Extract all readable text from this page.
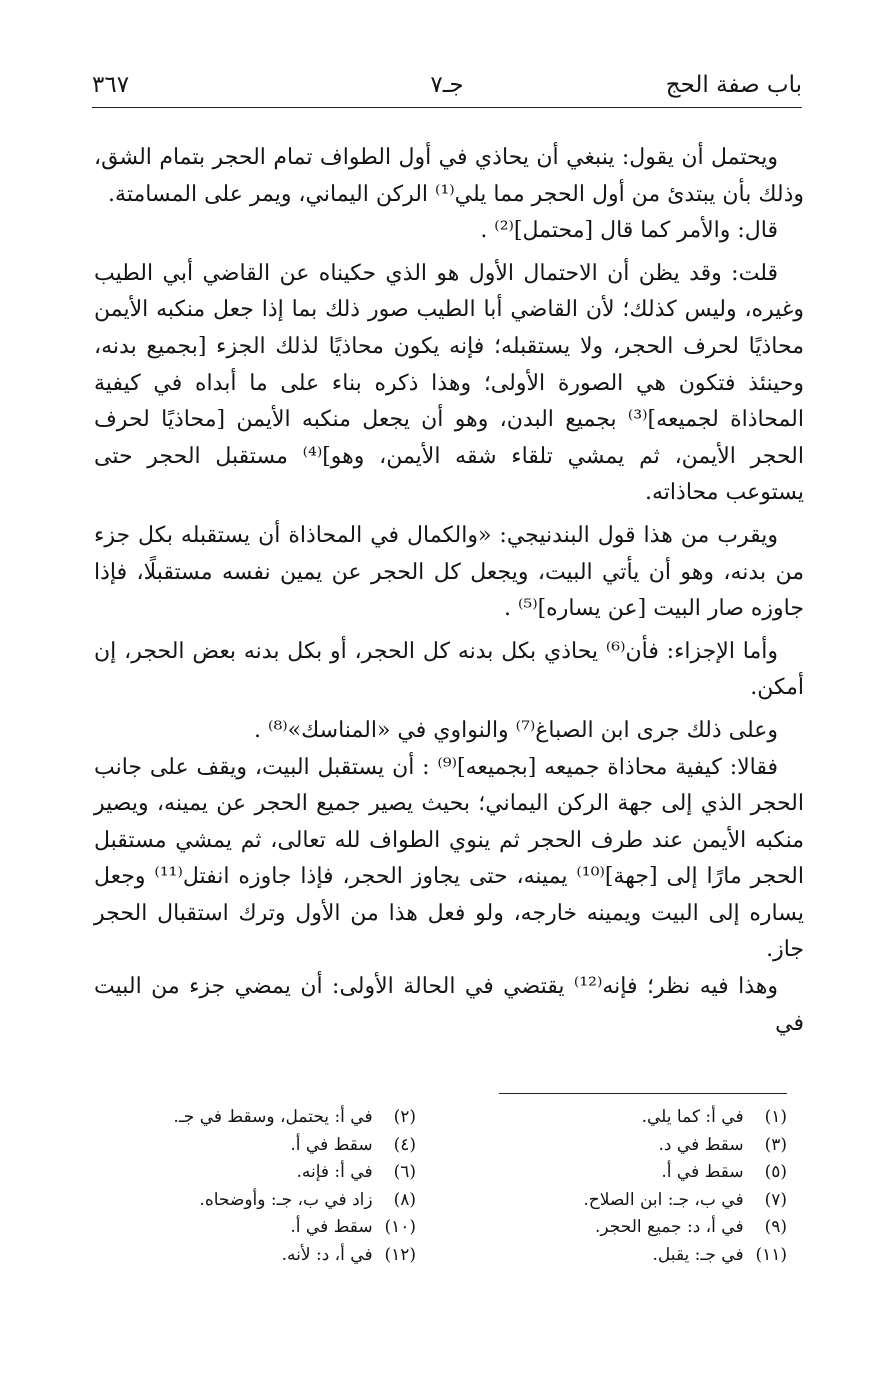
باب صفة الحج
جـ٧
٣٦٧

ويحتمل أن يقول: ينبغي أن يحاذي في أول الطواف تمام الحجر بتمام الشق، وذلك بأن يبتدئ من أول الحجر مما يلي⁽¹⁾ الركن اليماني، ويمر على المسامتة.

قال: والأمر كما قال [محتمل]⁽²⁾ .

قلت: وقد يظن أن الاحتمال الأول هو الذي حكيناه عن القاضي أبي الطيب وغيره، وليس كذلك؛ لأن القاضي أبا الطيب صور ذلك بما إذا جعل منكبه الأيمن محاذيًا لحرف الحجر، ولا يستقبله؛ فإنه يكون محاذيًا لذلك الجزء [بجميع بدنه، وحينئذ فتكون هي الصورة الأولى؛ وهذا ذكره بناء على ما أبداه في كيفية المحاذاة لجميعه]⁽³⁾ بجميع البدن، وهو أن يجعل منكبه الأيمن [محاذيًا لحرف الحجر الأيمن، ثم يمشي تلقاء شقه الأيمن، وهو]⁽⁴⁾ مستقبل الحجر حتى يستوعب محاذاته.

ويقرب من هذا قول البندنيجي: «والكمال في المحاذاة أن يستقبله بكل جزء من بدنه، وهو أن يأتي البيت، ويجعل كل الحجر عن يمين نفسه مستقبلًا، فإذا جاوزه صار البيت [عن يساره]⁽⁵⁾ .

وأما الإجزاء: فأن⁽⁶⁾ يحاذي بكل بدنه كل الحجر، أو بكل بدنه بعض الحجر، إن أمكن.

وعلى ذلك جرى ابن الصباغ⁽⁷⁾ والنواوي في «المناسك»⁽⁸⁾ .

فقالا: كيفية محاذاة جميعه [بجميعه]⁽⁹⁾ : أن يستقبل البيت، ويقف على جانب الحجر الذي إلى جهة الركن اليماني؛ بحيث يصير جميع الحجر عن يمينه، ويصير منكبه الأيمن عند طرف الحجر ثم ينوي الطواف لله تعالى، ثم يمشي مستقبل الحجر مارًا إلى [جهة]⁽¹⁰⁾ يمينه، حتى يجاوز الحجر، فإذا جاوزه انفتل⁽¹¹⁾ وجعل يساره إلى البيت ويمينه خارجه، ولو فعل هذا من الأول وترك استقبال الحجر جاز.

وهذا فيه نظر؛ فإنه⁽¹²⁾ يقتضي في الحالة الأولى: أن يمضي جزء من البيت في

(١) في أ: كما يلي.
(٣) سقط في د.
(٥) سقط في أ.
(٧) في ب، جـ: ابن الصلاح.
(٩) في أ، د: جميع الحجر.
(١١) في جـ: يقبل.
(٢) في أ: يحتمل، وسقط في جـ.
(٤) سقط في أ.
(٦) في أ: فإنه.
(٨) زاد في ب، جـ: وأوضحاه.
(١٠) سقط في أ.
(١٢) في أ، د: لأنه.
